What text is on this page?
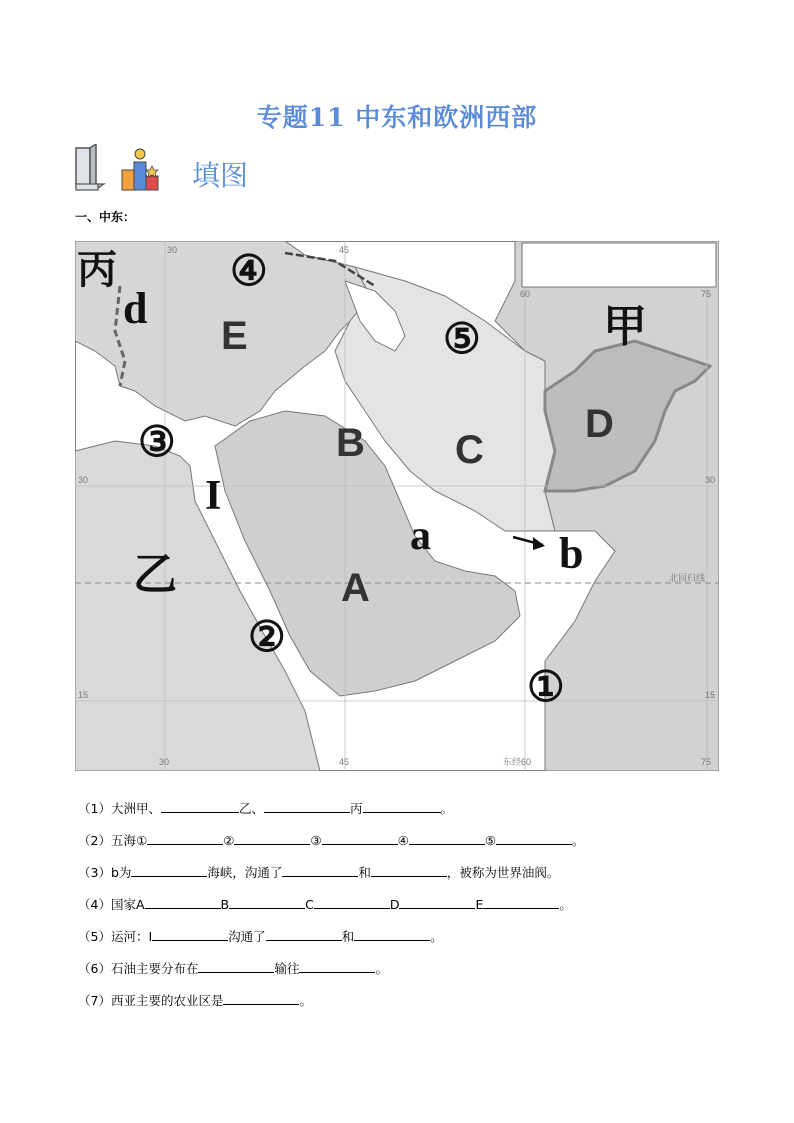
专题11 中东和欧洲西部
填图
一、中东：
30	45
60	75
30	30
15	15
30	45	东经60	75
北回归线
丙	④
d
E	⑤	甲
③	B C
D
I
a	b
乙	A
②
①
（1）大洲甲、	乙、	丙	。
（2）五海①	②	③	④	⑤	。
（3）b为	海峡，沟通了	和	，被称为世界油阀。
（4）国家A	B	C	D	E	。
（5）运河：I	沟通了	和	。
（6）石油主要分布在	输往	。
（7）西亚主要的农业区是	。
